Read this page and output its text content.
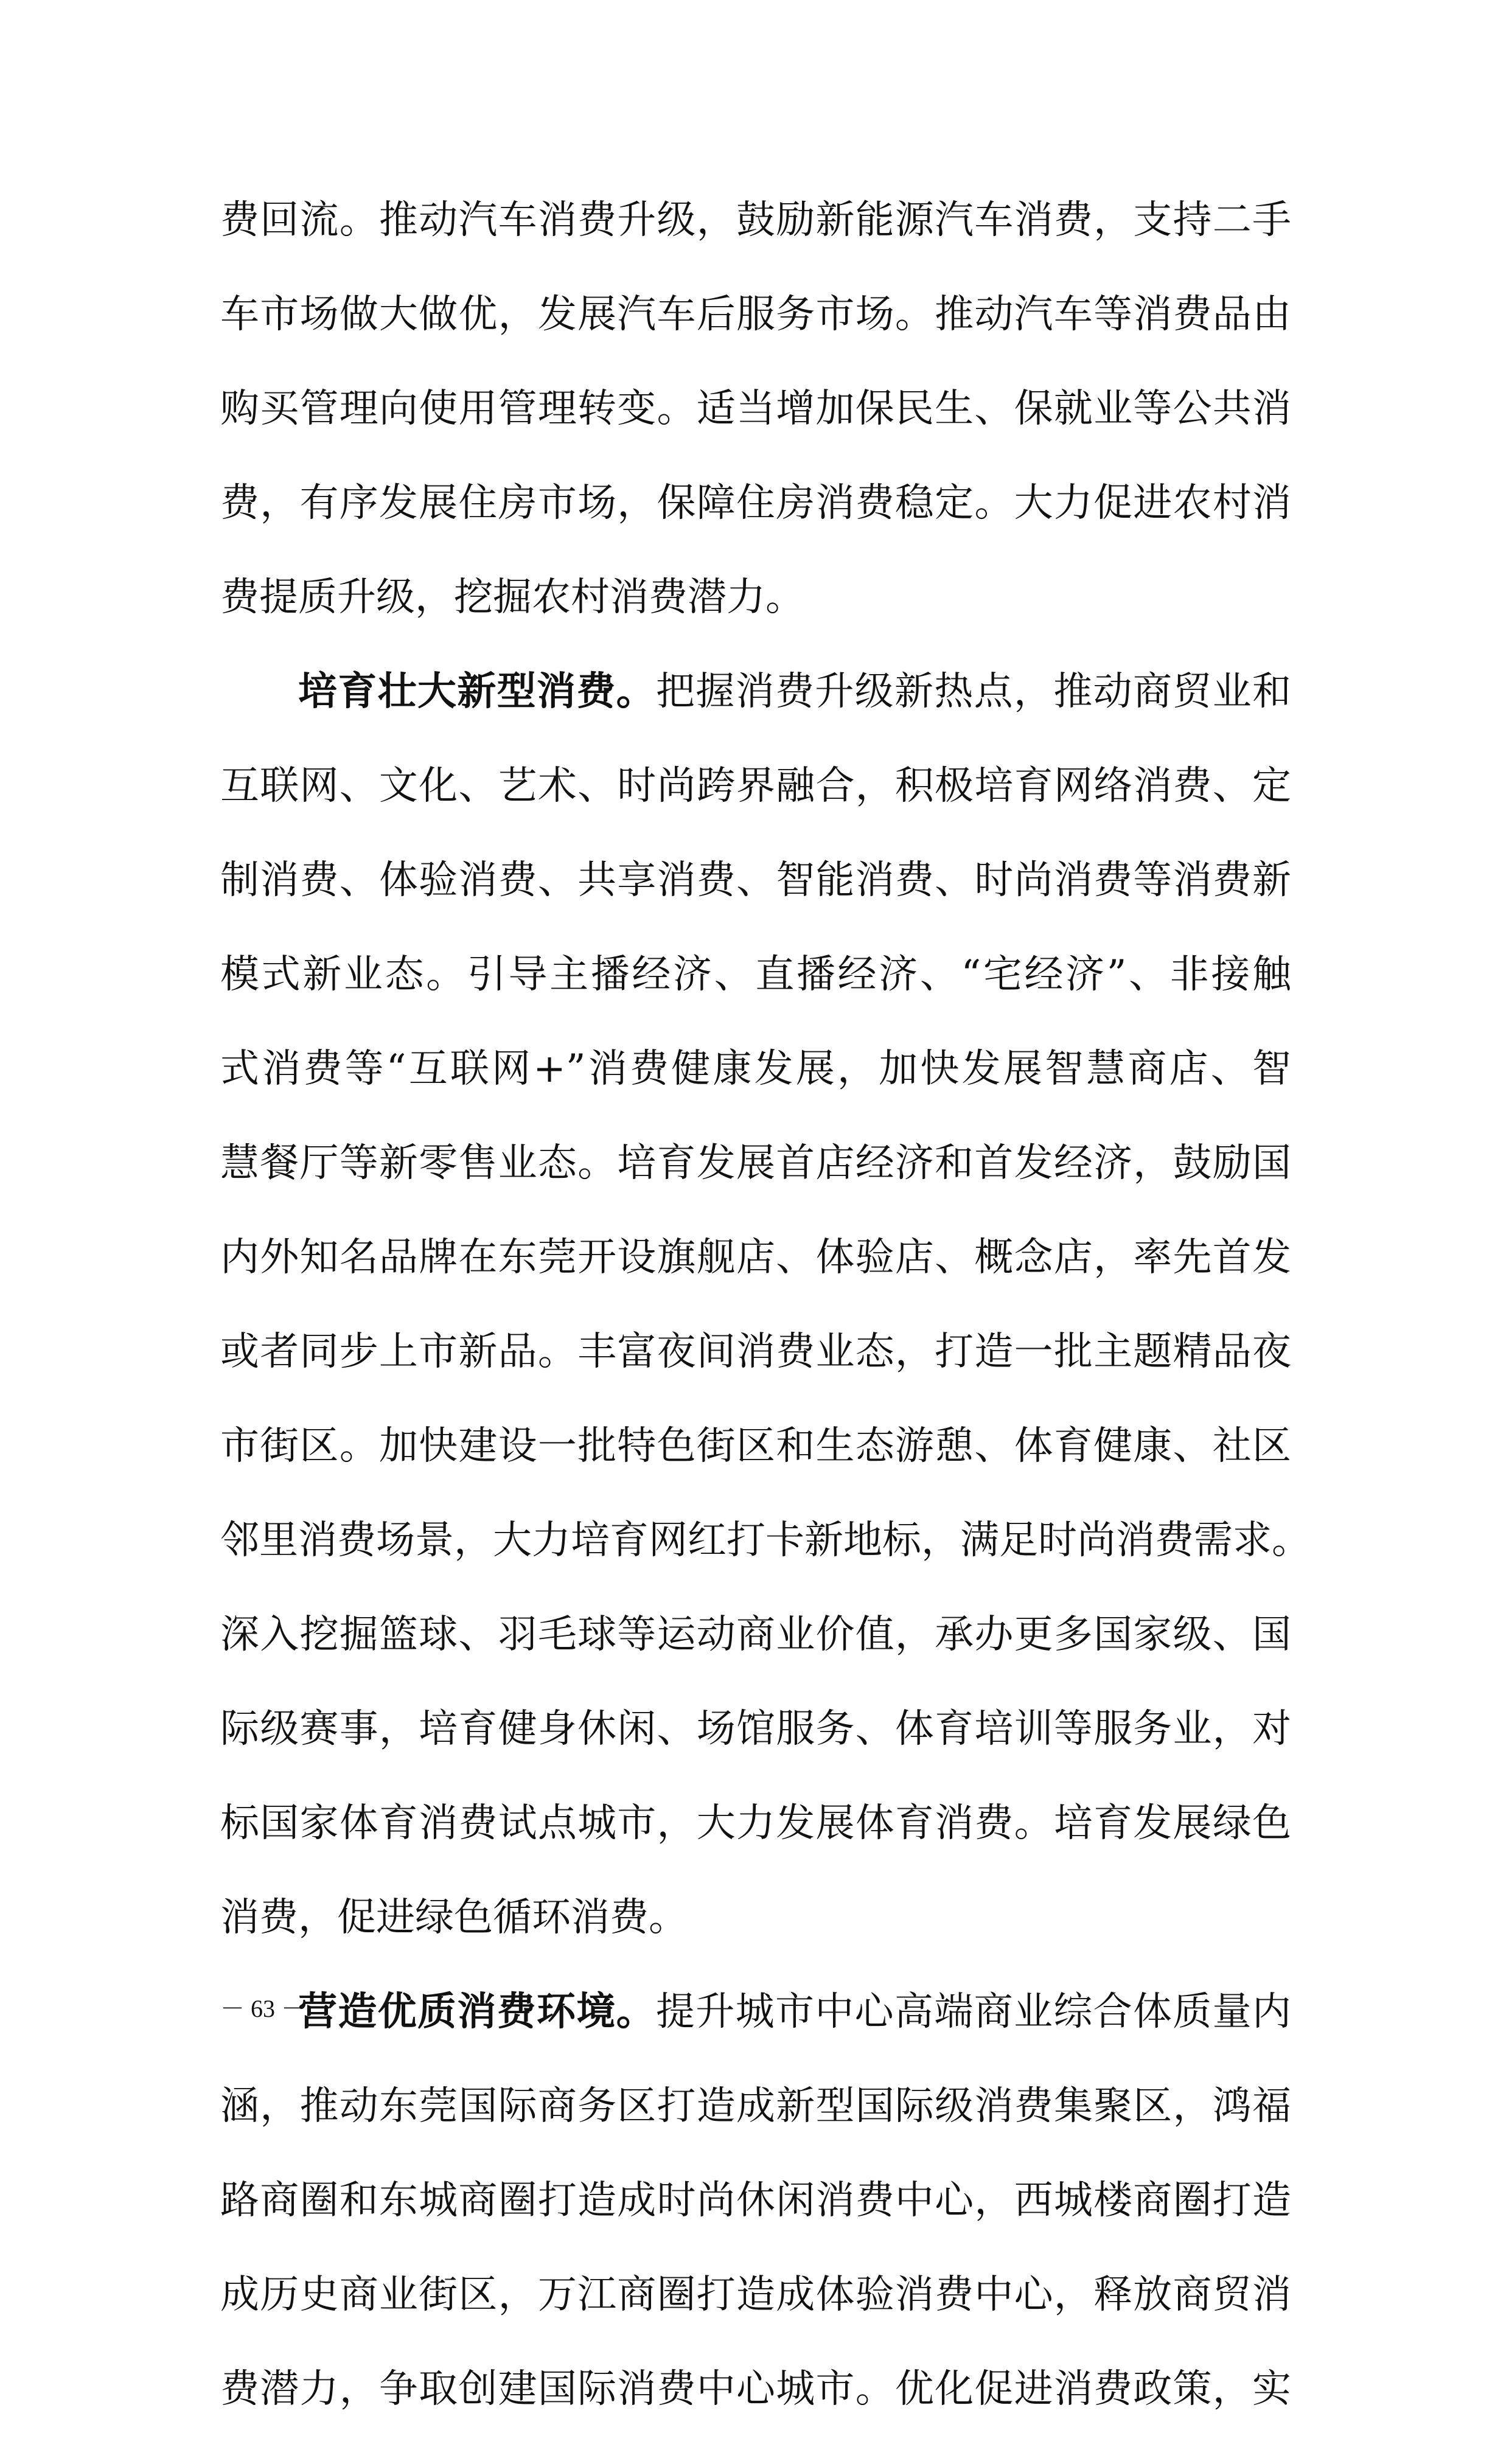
费回流。推动汽车消费升级，鼓励新能源汽车消费，支持二手
车市场做大做优，发展汽车后服务市场。推动汽车等消费品由
购买管理向使用管理转变。适当增加保民生、保就业等公共消
费，有序发展住房市场，保障住房消费稳定。大力促进农村消
费提质升级，挖掘农村消费潜力。
培育壮大新型消费。把握消费升级新热点，推动商贸业和
互联网、文化、艺术、时尚跨界融合，积极培育网络消费、定
制消费、体验消费、共享消费、智能消费、时尚消费等消费新
模式新业态。引导主播经济、直播经济、“宅经济”、非接触
式消费等“互联网+”消费健康发展，加快发展智慧商店、智
慧餐厅等新零售业态。培育发展首店经济和首发经济，鼓励国
内外知名品牌在东莞开设旗舰店、体验店、概念店，率先首发
或者同步上市新品。丰富夜间消费业态，打造一批主题精品夜
市街区。加快建设一批特色街区和生态游憩、体育健康、社区
邻里消费场景，大力培育网红打卡新地标，满足时尚消费需求。
深入挖掘篮球、羽毛球等运动商业价值，承办更多国家级、国
际级赛事，培育健身休闲、场馆服务、体育培训等服务业，对
标国家体育消费试点城市，大力发展体育消费。培育发展绿色
消费，促进绿色循环消费。
营造优质消费环境。提升城市中心高端商业综合体质量内
涵，推动东莞国际商务区打造成新型国际级消费集聚区，鸿福
路商圈和东城商圈打造成时尚休闲消费中心，西城楼商圈打造
成历史商业街区，万江商圈打造成体验消费中心，释放商贸消
费潜力，争取创建国际消费中心城市。优化促进消费政策，实
－ 63 －
